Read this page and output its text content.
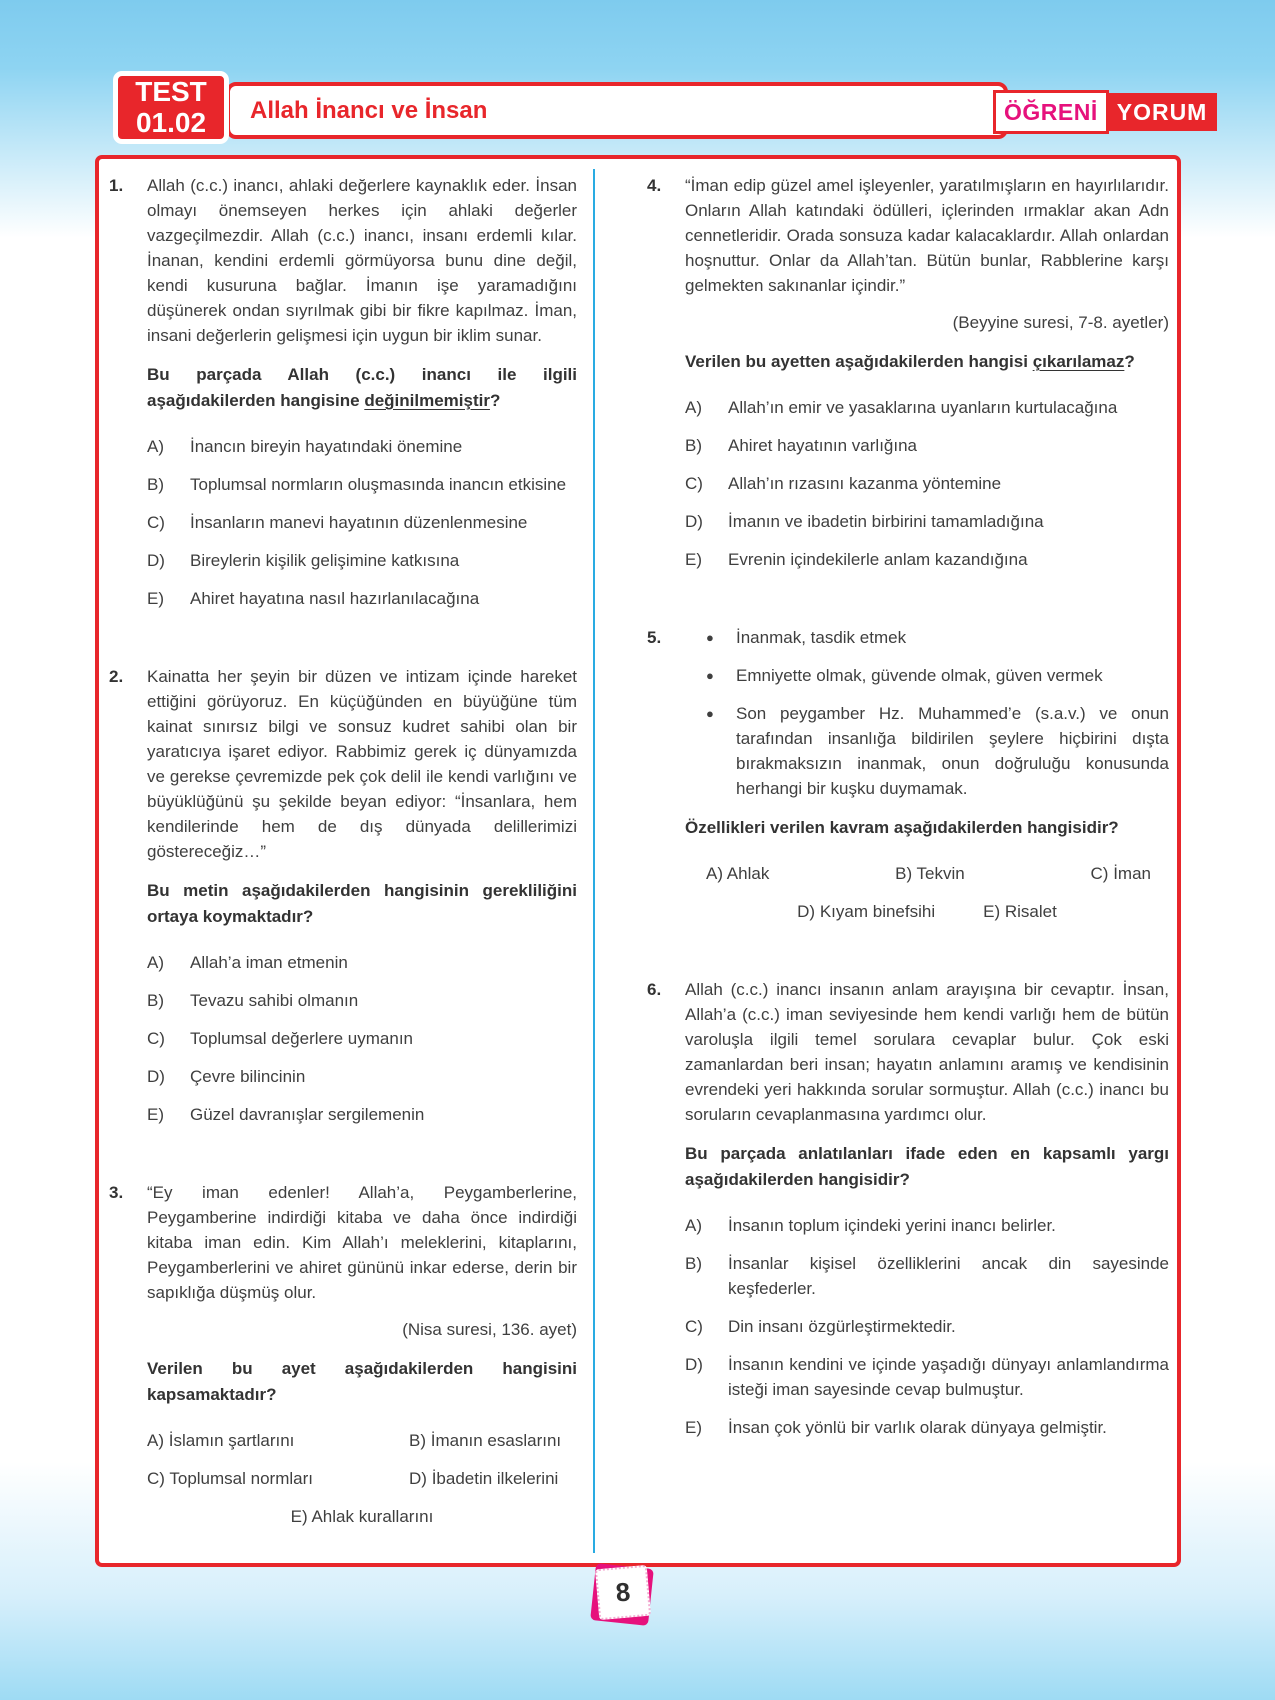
TEST
01.02 Allah İnancı ve İnsan	ÖĞRENİ YORUM
1.	Allah (c.c.) inancı, ahlaki değerlere kaynaklık eder. İnsan olmayı önemseyen herkes için ahlaki değerler vazgeçilmezdir. Allah (c.c.) inancı, insanı erdemli kılar. İnanan, kendini erdemli görmüyorsa bunu dine değil, kendi kusuruna bağlar. İmanın işe yaramadığını düşünerek ondan sıyrılmak gibi bir fikre kapılmaz. İman, insani değerlerin gelişmesi için uygun bir iklim sunar.

Bu parçada Allah (c.c.) inancı ile ilgili aşağıdakilerden hangisine değinilmemiştir?

A)	İnancın bireyin hayatındaki önemine
B)	Toplumsal normların oluşmasında inancın etkisine
C)	İnsanların manevi hayatının düzenlenmesine
D)	Bireylerin kişilik gelişimine katkısına
E)	Ahiret hayatına nasıl hazırlanılacağına
2.	Kainatta her şeyin bir düzen ve intizam içinde hareket ettiğini görüyoruz. En küçüğünden en büyüğüne tüm kainat sınırsız bilgi ve sonsuz kudret sahibi olan bir yaratıcıya işaret ediyor. Rabbimiz gerek iç dünyamızda ve gerekse çevremizde pek çok delil ile kendi varlığını ve büyüklüğünü şu şekilde beyan ediyor: “İnsanlara, hem kendilerinde hem de dış dünyada delillerimizi göstereceğiz…”

Bu metin aşağıdakilerden hangisinin gerekliliğini ortaya koymaktadır?

A)	Allah’a iman etmenin
B)	Tevazu sahibi olmanın
C)	Toplumsal değerlere uymanın
D)	Çevre bilincinin
E)	Güzel davranışlar sergilemenin
3.	“Ey iman edenler! Allah’a, Peygamberlerine, Peygamberine indirdiği kitaba ve daha önce indirdiği kitaba iman edin. Kim Allah’ı meleklerini, kitaplarını, Peygamberlerini ve ahiret gününü inkar ederse, derin bir sapıklığa düşmüş olur.

(Nisa suresi, 136. ayet)

Verilen bu ayet aşağıdakilerden hangisini kapsamaktadır?

A) İslamın şartlarını	B) İmanın esaslarını
C) Toplumsal normları	D) İbadetin ilkelerini
E) Ahlak kurallarını
4.	“İman edip güzel amel işleyenler, yaratılmışların en hayırlılarıdır. Onların Allah katındaki ödülleri, içlerinden ırmaklar akan Adn cennetleridir. Orada sonsuza kadar kalacaklardır. Allah onlardan hoşnuttur. Onlar da Allah’tan. Bütün bunlar, Rabblerine karşı gelmekten sakınanlar içindir.”

(Beyyine suresi, 7-8. ayetler)

Verilen bu ayetten aşağıdakilerden hangisi çıkarılamaz?

A)	Allah’ın emir ve yasaklarına uyanların kurtulacağına
B)	Ahiret hayatının varlığına
C)	Allah’ın rızasını kazanma yöntemine
D)	İmanın ve ibadetin birbirini tamamladığına
E)	Evrenin içindekilerle anlam kazandığına
5.	● İnanmak, tasdik etmek
● Emniyette olmak, güvende olmak, güven vermek
● Son peygamber Hz. Muhammed’e (s.a.v.) ve onun tarafından insanlığa bildirilen şeylere hiçbirini dışta bırakmaksızın inanmak, onun doğruluğu konusunda herhangi bir kuşku duymamak.

Özellikleri verilen kavram aşağıdakilerden hangisidir?

A) Ahlak	B) Tekvin	C) İman
D) Kıyam binefsihi	E) Risalet
6.	Allah (c.c.) inancı insanın anlam arayışına bir cevaptır. İnsan, Allah’a (c.c.) iman seviyesinde hem kendi varlığı hem de bütün varoluşla ilgili temel sorulara cevaplar bulur. Çok eski zamanlardan beri insan; hayatın anlamını aramış ve kendisinin evrendeki yeri hakkında sorular sormuştur. Allah (c.c.) inancı bu soruların cevaplanmasına yardımcı olur.

Bu parçada anlatılanları ifade eden en kapsamlı yargı aşağıdakilerden hangisidir?

A)	İnsanın toplum içindeki yerini inancı belirler.
B)	İnsanlar kişisel özelliklerini ancak din sayesinde keşfederler.
C)	Din insanı özgürleştirmektedir.
D)	İnsanın kendini ve içinde yaşadığı dünyayı anlamlandırma isteği iman sayesinde cevap bulmuştur.
E)	İnsan çok yönlü bir varlık olarak dünyaya gelmiştir.
8
